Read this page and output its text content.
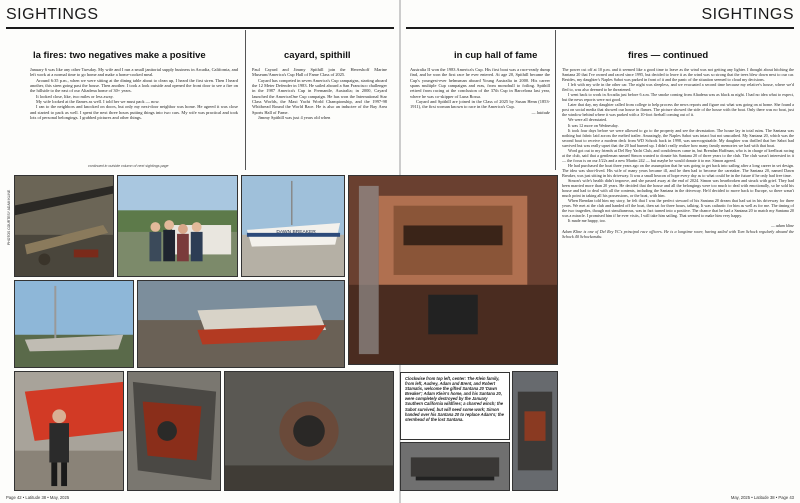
SIGHTINGS	SIGHTINGS
la fires: two negatives make a positive	cayard, spithill	in cup hall of fame	fires — continued

January 6 was like any other Tuesday. My wife and I run a small janitorial supply business in Arcadia, California, and left work at a normal time to go home and make a home-cooked meal.

Around 6:35 p.m., when we were sitting at the dining table about to clean up, I heard the first siren. Then I heard another, this siren going past the house. Then another. I took a look outside and opened the front door to see a fire on the hillside to the east of our Altadena home of 30+ years.

It looked close, like, two miles or less away.

My wife looked at the flames as well. I told her we must pack — now.

I ran to the neighbors and knocked on doors, but only my next-door neighbor was home. He agreed it was close and started to pack as well. I spent the next three hours putting things into two cars. My wife was practical and took lots of personal belongings. I grabbed pictures and other things.

continued in outside column of next sightings page

Paul Cayard and Jimmy Spithill join the Herreshoff Marine Museum/America's Cup Hall of Fame Class of 2025.

Cayard has competed in seven America's Cup campaigns, starting aboard the 12 Meter Defender in 1983. He sailed aboard a San Francisco challenger in the 1987 America's Cup in Fremantle, Australia; in 2000, Cayard launched the AmericaOne Cup campaign. He has won the International Star Class Worlds, the Maxi Yacht World Championship, and the 1997-98 Whitbread Round the World Race. He is also an inductee of the Bay Area Sports Hall of Fame.

Jimmy Spithill was just 4 years old when

Australia II won the 1983 America's Cup. His first boat was a race-ready dump find, and he won the first race he ever entered. At age 20, Spithill became the Cup's youngest-ever helmsman aboard Young Australia in 2000. His career spans multiple Cup campaigns and eras, from monohull to foiling. Spithill retired from racing at the conclusion of the 37th Cup in Barcelona last year, where he was co-skipper of Luna Rossa.

Cayard and Spithill are joined in the Class of 2025 by Susan Henn (1853-1911), the first woman known to race in the America's Cup.

— latitude

The power cut off at 10 p.m. and it seemed like a good time to leave as the wind was not getting any lighter. I thought about hitching the Santana 20 that I've owned and raced since 1995, but decided to leave it as the wind was so strong that the trees blew down next to our car. Besides, my daughter's Naples Sabot was parked in front of it and the panic of the situation seemed to cloud my decisions.

I left with my wife in the other car. The night was sleepless, and we evacuated a second time because my relative's house, where we'd fled to, was also deemed to be threatened.

I went back to work in Arcadia just before 6 a.m. The smoke coming from Altadena was as black as night. I had no idea what to expect, but the news reports were not good.

Later that day, my daughter called from college to help process the news reports and figure out what was going on at home. She found a post on social media that showed our house in flames. The picture showed the side of the house with the boat. Only there was no boat, just the window behind where it was parked with a 10-foot fireball coming out of it.

We were all devastated.

It was 12 more on Wednesday.

It took four days before we were allowed to go to the property and see the devastation. The house lay in total ruins. The Santana was nothing but fabric laid across the melted trailer. Amazingly, the Naples Sabot was intact but not unscathed. My Santana 20, which was the second boat to receive a modern deck from WD Schock back in 1998, was unrecognizable. My daughter was thrilled that her Sabot had survived but was really upset that the 20 had burned up. I didn't really realize how many family memories we had with that boat.

Word got out to my friends at Del Rey Yacht Club, and condolences came in, but Brendan Huffman, who is in charge of keelboat racing at the club, said that a gentleman named Simon wanted to donate his Santana 20 of three years to the club. The club wasn't interested in it — the focus is on our J/22s and a new Martin 242 — but maybe he would donate it to me. Simon agreed.

He had purchased the boat three years ago on the assumption that he was going to get back into sailing after a long career in set design. The idea was short-lived. His wife of many years became ill, and he then had to become the caretaker. The Santana 20, named Dawn Breaker, was just sitting in his driveway. It was a small beacon of hope every day as to what could be in the future if he only had free time.

Simon's wife's health didn't improve, and she passed away at the end of 2024. Simon was heartbroken and struck with grief. They had been married more than 20 years. He decided that the house and all the belongings were too much to deal with emotionally, so he sold his house and had to deal with all the contents, including the Santana in the driveway. He'd decided to move back to Europe, so there wasn't much point in taking all his possessions, or the boat, with him.

When Brendan told him my story, he felt that I was the perfect steward of his Santana 20 dream that had sat in his driveway for three years. We met at the club and handed off the boat, then sat for three hours, talking. It was cathartic for him as well as for me. The timing of the two tragedies, though not simultaneous, was in fact turned into a positive. The chance that he had a Santana 20 to match my Santana 20 was a miracle. I promised him if he ever visits, I will take him sailing. That seemed to make him very happy.

It made me happy, too.

— adam kline

Adam Kline is one of Del Rey YC's principal race officers. He is a longtime racer, having sailed with Tom Schock regularly aboard the Schock 40 Schockaruku.

DAWN BREAKER
Clockwise from top left, center: The Klein family, from left, Audrey, Adam and Brent, and Robert Stamatis, welcome the gifted Santana 20 'Dawn Breaker'; Adam Klein's home, and his Santana 20, were completely destroyed by the January Southern California wildfires; a charred winch; the Sabot survived, but will need some work; Simon handed over his Santana 20 to replace Adam's; the sternhead of the lost Santana.
PHOTOS COURTESY ADAM KLINE
Page 42 • Latitude 38 • May, 2025	May, 2025 • Latitude 38 • Page 43
